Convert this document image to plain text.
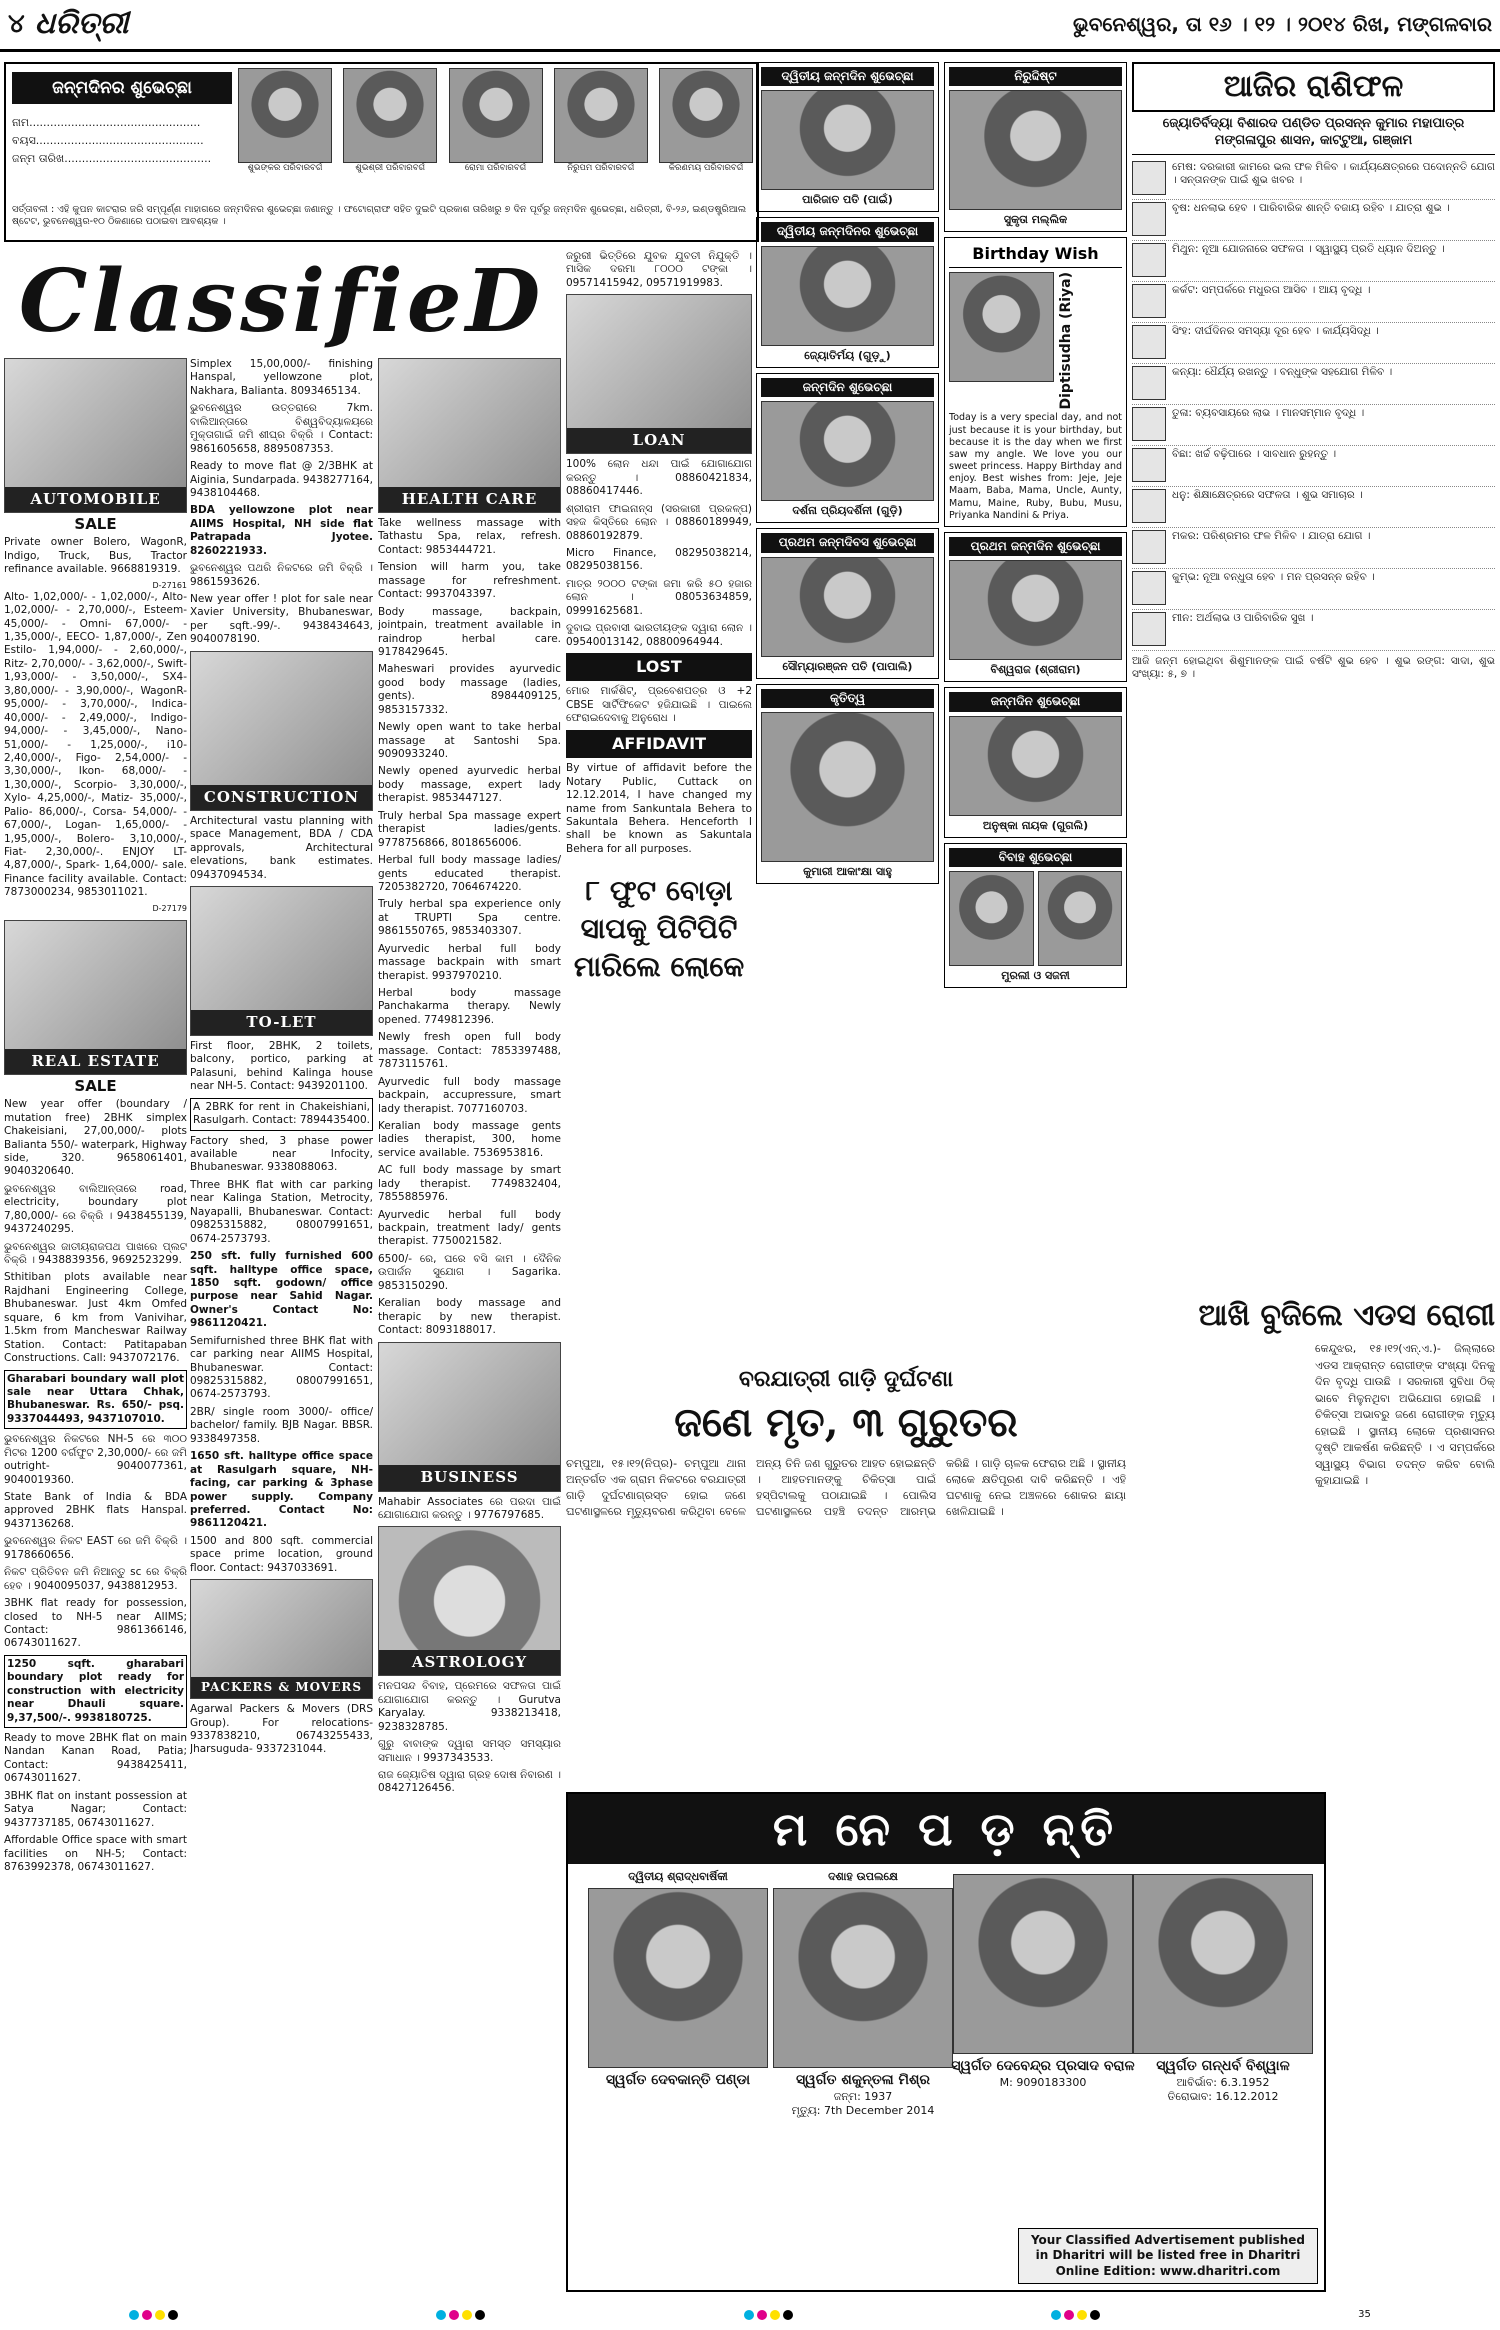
୪ ଧରିତ୍ରୀ	ଭୁବନେଶ୍ୱର, ତା ୧୬ । ୧୨ । ୨୦୧୪ ରିଖ, ମଙ୍ଗଳବାର
ଜନ୍ମଦିନର ଶୁଭେଚ୍ଛା
ନାମ.................................................
ବୟସ................................................
ଜନ୍ମ ତାରିଖ..........................................
ଶୁଭଙ୍କର ପରିବାରବର୍ଗ	ଶୁଭଶ୍ରୀ ପରିବାରବର୍ଗ	ରୋମା ପରିବାରବର୍ଗ	ନିରୁପମ ପରିବାରବର୍ଗ	କିରଣମୟ ପରିବାରବର୍ଗ
ସର୍ତ୍ତାବଳୀ : ଏହି କୁପନ କାଟରାର ଜରି ସମ୍ପୂର୍ଣ୍ଣ ମାହାଗରେ ଜନ୍ମଦିନର ଶୁଭେଚ୍ଛା ଜଣାନ୍ତୁ । ଫଟୋଗ୍ରାଫ ସହିତ ଦୁଇଟି ପ୍ରକାଶ ତାରିଖରୁ ୭ ଦିନ ପୂର୍ବରୁ ଜନ୍ମଦିନ ଶୁଭେଚ୍ଛା, ଧରିତ୍ରୀ, ବି-୨୬, ଇଣ୍ଡଷ୍ଟ୍ରିଆଲ ଷ୍ଟେଟ, ଭୁବନେଶ୍ୱର-୧୦ ଠିକଣାରେ ପଠାଇବା ଆବଶ୍ୟକ ।
ClassifieD
AUTOMOBILE
SALE

Private owner Bolero, WagonR, Indigo, Truck, Bus, Tractor refinance available. 9668819319.

D-27161

Alto- 1,02,000/- - 1,02,000/-, Alto- 1,02,000/- - 2,70,000/-, Esteem- 45,000/- - Omni- 67,000/- - 1,35,000/-, EECO- 1,87,000/-, Zen Estilo- 1,94,000/- - 2,60,000/-, Ritz- 2,70,000/- - 3,62,000/-, Swift- 1,93,000/- - 3,50,000/-, SX4- 3,80,000/- - 3,90,000/-, WagonR- 95,000/- - 3,70,000/-, Indica- 40,000/- - 2,49,000/-, Indigo- 94,000/- - 3,45,000/-, Nano- 51,000/- - 1,25,000/-, i10- 2,40,000/-, Figo- 2,54,000/- - 3,30,000/-, Ikon- 68,000/- - 1,30,000/-, Scorpio- 3,30,000/-, Xylo- 4,25,000/-, Matiz- 35,000/-, Palio- 86,000/-, Corsa- 54,000/- - 67,000/-, Logan- 1,65,000/- - 1,95,000/-, Bolero- 3,10,000/-, Fiat- 2,30,000/-. ENJOY LT- 4,87,000/-, Spark- 1,64,000/- sale. Finance facility available. Contact: 7873000234, 9853011021.

D-27179
REAL ESTATE
SALE

New year offer (boundary / mutation free) 2BHK simplex Chakeisiani, 27,00,000/- plots Balianta 550/- waterpark, Highway side, 320. 9658061401, 9040320640.

ଭୁବନେଶ୍ୱର ବାଲିଆନ୍ତାରେ road, electricity, boundary plot 7,80,000/- ରେ ବିକ୍ରି । 9438455139, 9437240295.

ଭୁବନେଶ୍ୱର ଜାତୀୟରାଜପଥ ପାଖରେ ପ୍ଲଟ ବିକ୍ରି । 9438839356, 9692523299.

Sthitiban plots available near Rajdhani Engineering College, Bhubaneswar. Just 4km Omfed square, 6 km from Vanivihar, 1.5km from Mancheswar Railway Station. Contact: Patitapaban Constructions. Call: 9437072176.

Gharabari boundary wall plot sale near Uttara Chhak, Bhubaneswar. Rs. 650/- psq. 9337044493, 9437107010.

ଭୁବନେଶ୍ୱର ନିକଟରେ NH-5 ରେ ୩୦୦ ମିଟର 1200 ବର୍ଗଫୁଟ 2,30,000/- ରେ ଜମି outright- 9040077361, 9040019360.

State Bank of India & BDA approved 2BHK flats Hanspal. 9437136268.

ଭୁବନେଶ୍ୱର ନିକଟ EAST ରେ ଜମି ବିକ୍ରି । 9178660656.

ନିକଟ ପ୍ରିତିବନ ଜମି ନିଆନ୍ତୁ sc ରେ ବିକ୍ରି ହେବ । 9040095037, 9438812953.

3BHK flat ready for possession, closed to NH-5 near AIIMS; Contact: 9861366146, 06743011627.

1250 sqft. gharabari boundary plot ready for construction with electricity near Dhauli square. 9,37,500/-. 9938180725.

Ready to move 2BHK flat on main Nandan Kanan Road, Patia; Contact: 9438425411, 06743011627.

3BHK flat on instant possession at Satya Nagar; Contact: 9437737185, 06743011627.

Affordable Office space with smart facilities on NH-5; Contact: 8763992378, 06743011627.

Simplex 15,00,000/- finishing Hanspal, yellowzone plot, Nakhara, Balianta. 8093465134.

ଭୁବନେଶ୍ୱର ଉତ୍ତରାରେ 7km. ବାଲିଆନ୍ତାରେ ବିଶ୍ୱବିଦ୍ୟାଳୟରେ ମୁକ୍ତାଗାଇଁ ଜମି ଶୀଘ୍ର ବିକ୍ରି । Contact: 9861605658, 8895087353.

Ready to move flat @ 2/3BHK at Aiginia, Sundarpada. 9438277164, 9438104468.

BDA yellowzone plot near AIIMS Hospital, NH side flat Patrapada Jyotee. 8260221933.

ଭୁବନେଶ୍ୱର ପଥରି ନିକଟରେ ଜମି ବିକ୍ରି । 9861593626.

New year offer ! plot for sale near Xavier University, Bhubaneswar, per sqft.-99/-. 9438434643, 9040078190.

CONSTRUCTION

Architectural vastu planning with space Management, BDA / CDA approvals, Architectural elevations, bank estimates. 09437094534.

TO-LET

First floor, 2BHK, 2 toilets, balcony, portico, parking at Palasuni, behind Kalinga house near NH-5. Contact: 9439201100.

A 2BRK for rent in Chakeishiani, Rasulgarh. Contact: 7894435400.

Factory shed, 3 phase power available near Infocity, Bhubaneswar. 9338088063.

Three BHK flat with car parking near Kalinga Station, Metrocity, Nayapalli, Bhubaneswar. Contact: 09825315882, 08007991651, 0674-2573793.

250 sft. fully furnished 600 sqft. halltype office space, 1850 sqft. godown/ office purpose near Sahid Nagar. Owner's Contact No: 9861120421.

Semifurnished three BHK flat with car parking near AIIMS Hospital, Bhubaneswar. Contact: 09825315882, 08007991651, 0674-2573793.

2BR/ single room 3000/- office/ bachelor/ family. BJB Nagar. BBSR. 9338497358.

1650 sft. halltype office space at Rasulgarh square, NH- facing, car parking & 3phase power supply. Company preferred. Contact No: 9861120421.

1500 and 800 sqft. commercial space prime location, ground floor. Contact: 9437033691.

PACKERS & MOVERS

Agarwal Packers & Movers (DRS Group). For relocations- 9337838210, 06743255433, Jharsuguda- 9337231044.

HEALTH CARE

Take wellness massage with Tathastu Spa, relax, refresh. Contact: 9853444721.

Tension will harm you, take massage for refreshment. Contact: 9937043397.

Body massage, backpain, jointpain, treatment available in raindrop herbal care. 9178429645.

Maheswari provides ayurvedic good body massage (ladies, gents). 8984409125, 9853157332.

Newly open want to take herbal massage at Santoshi Spa. 9090933240.

Newly opened ayurvedic herbal body massage, expert lady therapist. 9853447127.

Truly herbal Spa massage expert therapist ladies/gents. 9778756866, 8018656006.

Herbal full body massage ladies/ gents educated therapist. 7205382720, 7064674220.

Truly herbal spa experience only at TRUPTI Spa centre. 9861550765, 9853403307.

Ayurvedic herbal full body massage backpain with smart therapist. 9937970210.

Herbal body massage Panchakarma therapy. Newly opened. 7749812396.

Newly fresh open full body massage. Contact: 7853397488, 7873115761.

Ayurvedic full body massage backpain, accupressure, smart lady therapist. 7077160703.

Keralian body massage gents ladies therapist, 300, home service available. 7536953816.

AC full body massage by smart lady therapist. 7749832404, 7855885976.

Ayurvedic herbal full body backpain, treatment lady/ gents therapist. 7750021582.

6500/- ରେ, ଘରେ ବସି କାମ । ଦୈନିକ ଉପାର୍ଜନ ସୁଯୋଗ । Sagarika. 9853150290.

Keralian body massage and therapic by new therapist. Contact: 8093188017.

BUSINESS

Mahabir Associates ରେ ପରଦା ପାଇଁ ଯୋଗାଯୋଗ କରନ୍ତୁ । 9776797685.

ASTROLOGY

ମନପସନ୍ଦ ବିବାହ, ପ୍ରେମରେ ସଫଳତା ପାଇଁ ଯୋଗାଯୋଗ କରନ୍ତୁ । Gurutva Karyalay. 9338213418, 9238328785.

ଗୁରୁ ବାବାଙ୍କ ଦ୍ୱାରା ସମସ୍ତ ସମସ୍ୟାର ସମାଧାନ । 9937343533.

ରାଜ ଜ୍ୟୋତିଷ ଦ୍ୱାରା ଗ୍ରହ ଦୋଷ ନିବାରଣ । 08427126456.

ଜରୁରୀ ଭିତ୍ତିରେ ଯୁବକ ଯୁବତୀ ନିଯୁକ୍ତି । ମାସିକ ଦରମା ୮୦୦୦ ଟଙ୍କା । 09571415942, 09571919983.

LOAN

100% ଲୋନ ଧନ୍ଦା ପାଇଁ ଯୋଗାଯୋଗ କରନ୍ତୁ । 08860421834, 08860417446.

ଶ୍ରୀରାମ ଫାଇନାନ୍ସ (ସରକାରୀ ପ୍ରକଳ୍ପ) ସହଜ କିସ୍ତିରେ ଲୋନ । 08860189949, 08860192879.

Micro Finance, 08295038214, 08295038156.

ମାତ୍ର ୨୦୦୦ ଟଙ୍କା ଜମା କରି ୫୦ ହଜାର ଲୋନ । 08053634859, 09991625681.

ଦୁବାଇ ପ୍ରବାସୀ ଭାରତୀୟଙ୍କ ଦ୍ୱାରା ଲୋନ । 09540013142, 08800964944.

LOST

ମୋର ମାର୍କଶିଟ୍, ପ୍ରବେଶପତ୍ର ଓ +2 CBSE ସାର୍ଟିଫିକେଟ ହଜିଯାଇଛି । ପାଇଲେ ଫେରାଇଦେବାକୁ ଅନୁରୋଧ ।

AFFIDAVIT

By virtue of affidavit before the Notary Public, Cuttack on 12.12.2014, I have changed my name from Sankuntala Behera to Sakuntala Behera. Henceforth I shall be known as Sakuntala Behera for all purposes.

୮ ଫୁଟ ବୋଡ଼ା
ସାପକୁ ପିଟିପିଟି
ମାରିଲେ ଲୋକେ
ଦ୍ୱିତୀୟ ଜନ୍ମଦିନ ଶୁଭେଚ୍ଛା
ପାରିଜାତ ପତି (ପାଇଁ)
ଦ୍ୱିତୀୟ ଜନ୍ମଦିନର ଶୁଭେଚ୍ଛା
ଜ୍ୟୋତିର୍ମୟ (ଗୁଡ଼ୁ)
ଜନ୍ମଦିନ ଶୁଭେଚ୍ଛା
ଦର୍ଶନା ପ୍ରିୟଦର୍ଶିନୀ (ଗୁଡ଼ି)
ପ୍ରଥମ ଜନ୍ମଦିବସ ଶୁଭେଚ୍ଛା
ସୌମ୍ୟାରଞ୍ଜନ ପତି (ପାପାଲି)
କୃତିତ୍ୱ
କୁମାରୀ ଆକାଂକ୍ଷା ସାହୁ
ନିରୁଦ୍ଦିଷ୍ଟ
ସୁକୃତା ମଲ୍ଲିକ
Birthday Wish
Diptisudha (Riya)
Today is a very special day, and not just because it is your birthday, but because it is the day when we first saw my angle. We love you our sweet princess. Happy Birthday and enjoy. Best wishes from: Jeje, Jeje Maam, Baba, Mama, Uncle, Aunty, Mamu, Maine, Ruby, Bubu, Musu, Priyanka Nandini & Priya.
ପ୍ରଥମ ଜନ୍ମଦିନ ଶୁଭେଚ୍ଛା
ବିଶ୍ୱରାଜ (ଶ୍ରୀରାମ)
ଜନ୍ମଦିନ ଶୁଭେଚ୍ଛା
ଅନୁଷ୍କା ନାୟକ (ଗୁଗଲି)
ବିବାହ ଶୁଭେଚ୍ଛା
ମୁରଲୀ ଓ ସଜନୀ
ଆଜିର ରାଶିଫଳ
ଜ୍ୟୋତିର୍ବିଦ୍ୟା ବିଶାରଦ ପଣ୍ଡିତ ପ୍ରସନ୍ନ କୁମାର ମହାପାତ୍ର ମଙ୍ଗଳାପୁର ଶାସନ, କାଟ୍ଟୁଆ, ଗଞ୍ଜାମ
ମେଷ: ଦରକାରୀ କାମରେ ଭଲ ଫଳ ମିଳିବ । କାର୍ଯ୍ୟକ୍ଷେତ୍ରରେ ପଦୋନ୍ନତି ଯୋଗ । ସନ୍ତାନଙ୍କ ପାଇଁ ଶୁଭ ଖବର ।
ବୃଷ: ଧନଲାଭ ହେବ । ପାରିବାରିକ ଶାନ୍ତି ବଜାୟ ରହିବ । ଯାତ୍ରା ଶୁଭ ।
ମିଥୁନ: ନୂଆ ଯୋଜନାରେ ସଫଳତା । ସ୍ୱାସ୍ଥ୍ୟ ପ୍ରତି ଧ୍ୟାନ ଦିଅନ୍ତୁ ।
କର୍କଟ: ସମ୍ପର୍କରେ ମଧୁରତା ଆସିବ । ଆୟ ବୃଦ୍ଧି ।
ସିଂହ: ଦୀର୍ଘଦିନର ସମସ୍ୟା ଦୂର ହେବ । କାର୍ଯ୍ୟସିଦ୍ଧି ।
କନ୍ୟା: ଧୈର୍ଯ୍ୟ ରଖନ୍ତୁ । ବନ୍ଧୁଙ୍କ ସହଯୋଗ ମିଳିବ ।
ତୁଳା: ବ୍ୟବସାୟରେ ଲାଭ । ମାନସମ୍ମାନ ବୃଦ୍ଧି ।
ବିଛା: ଖର୍ଚ୍ଚ ବଢ଼ିପାରେ । ସାବଧାନ ରୁହନ୍ତୁ ।
ଧନୁ: ଶିକ୍ଷାକ୍ଷେତ୍ରରେ ସଫଳତା । ଶୁଭ ସମାଚାର ।
ମକର: ପରିଶ୍ରମର ଫଳ ମିଳିବ । ଯାତ୍ରା ଯୋଗ ।
କୁମ୍ଭ: ନୂଆ ବନ୍ଧୁତା ହେବ । ମନ ପ୍ରସନ୍ନ ରହିବ ।
ମୀନ: ଅର୍ଥଲାଭ ଓ ପାରିବାରିକ ସୁଖ ।
ଆଜି ଜନ୍ମ ହୋଇଥିବା ଶିଶୁମାନଙ୍କ ପାଇଁ ବର୍ଷଟି ଶୁଭ ହେବ । ଶୁଭ ରଙ୍ଗ: ସାଦା, ଶୁଭ ସଂଖ୍ୟା: ୫, ୭ ।
ବରଯାତ୍ରୀ ଗାଡ଼ି ଦୁର୍ଘଟଣା
ଜଣେ ମୃତ, ୩ ଗୁରୁତର
ଚମ୍ପୁଆ, ୧୫।୧୨(ନିପ୍ର)- ଚମ୍ପୁଆ ଥାନା ଅନ୍ତର୍ଗତ ଏକ ଗ୍ରାମ ନିକଟରେ ବରଯାତ୍ରୀ ଗାଡ଼ି ଦୁର୍ଘଟଣାଗ୍ରସ୍ତ ହୋଇ ଜଣେ ଘଟଣାସ୍ଥଳରେ ମୃତ୍ୟୁବରଣ କରିଥିବା ବେଳେ ଅନ୍ୟ ତିନି ଜଣ ଗୁରୁତର ଆହତ ହୋଇଛନ୍ତି । ଆହତମାନଙ୍କୁ ଚିକିତ୍ସା ପାଇଁ ହସ୍ପିଟାଲକୁ ପଠାଯାଇଛି । ପୋଲିସ ଘଟଣାସ୍ଥଳରେ ପହଞ୍ଚି ତଦନ୍ତ ଆରମ୍ଭ କରିଛି । ଗାଡ଼ି ଚାଳକ ଫେରାର ଅଛି । ସ୍ଥାନୀୟ ଲୋକେ କ୍ଷତିପୂରଣ ଦାବି କରିଛନ୍ତି । ଏହି ଘଟଣାକୁ ନେଇ ଅଞ୍ଚଳରେ ଶୋକର ଛାୟା ଖେଳିଯାଇଛି ।
ଆଖି ବୁଜିଲେ ଏଡସ ରୋଗୀ
କେନ୍ଦୁଝର, ୧୫।୧୨(ଏନ୍.ଏ.)- ଜିଲ୍ଲାରେ ଏଡସ ଆକ୍ରାନ୍ତ ରୋଗୀଙ୍କ ସଂଖ୍ୟା ଦିନକୁ ଦିନ ବୃଦ୍ଧି ପାଉଛି । ସରକାରୀ ସୁବିଧା ଠିକ୍ ଭାବେ ମିଳୁନଥିବା ଅଭିଯୋଗ ହୋଇଛି । ଚିକିତ୍ସା ଅଭାବରୁ ଜଣେ ରୋଗୀଙ୍କ ମୃତ୍ୟୁ ହୋଇଛି । ସ୍ଥାନୀୟ ଲୋକେ ପ୍ରଶାସନର ଦୃଷ୍ଟି ଆକର୍ଷଣ କରିଛନ୍ତି । ଏ ସମ୍ପର୍କରେ ସ୍ୱାସ୍ଥ୍ୟ ବିଭାଗ ତଦନ୍ତ କରିବ ବୋଲି କୁହାଯାଇଛି ।
ମ ନେ ପ ଡ଼ ନ୍ତି
ଦ୍ୱିତୀୟ ଶ୍ରାଦ୍ଧବାର୍ଷିକୀ
ସ୍ୱର୍ଗତ ଦେବକାନ୍ତି ପଣ୍ଡା
ଦଶାହ ଉପଲକ୍ଷେ
ସ୍ୱର୍ଗତ ଶକୁନ୍ତଳା ମିଶ୍ର
ଜନ୍ମ: 1937
ମୃତ୍ୟୁ: 7th December 2014
ସ୍ୱର୍ଗତ ଦେବେନ୍ଦ୍ର ପ୍ରସାଦ ବରାଳ
M: 9090183300
ସ୍ୱର୍ଗତ ଗନ୍ଧର୍ବ ବିଶ୍ୱାଳ
ଆବିର୍ଭାବ: 6.3.1952
ତିରୋଭାବ: 16.12.2012
Your Classified Advertisement published in Dharitri will be listed free in Dharitri Online Edition: www.dharitri.com
35
